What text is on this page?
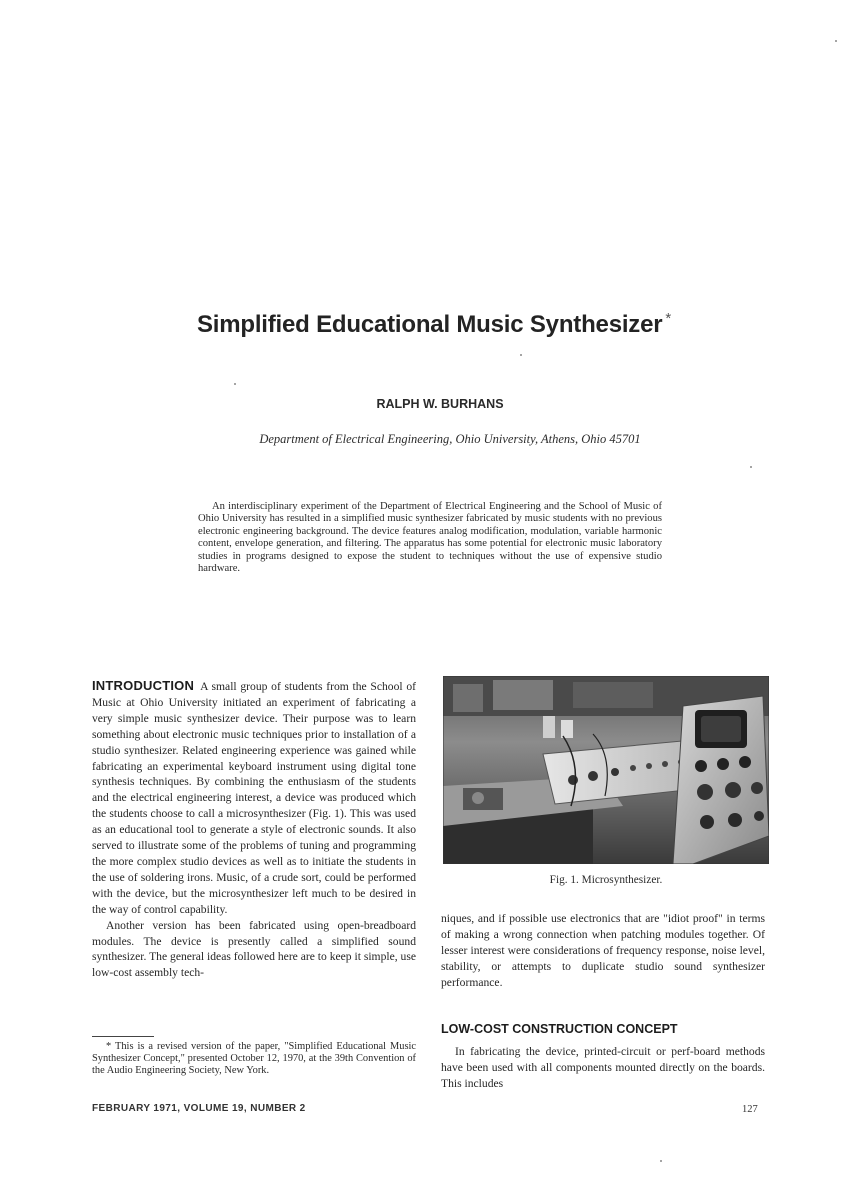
Simplified Educational Music Synthesizer *
RALPH W. BURHANS
Department of Electrical Engineering, Ohio University, Athens, Ohio 45701
An interdisciplinary experiment of the Department of Electrical Engineering and the School of Music of Ohio University has resulted in a simplified music synthesizer fabricated by music students with no previous electronic engineering background. The device features analog modification, modulation, variable harmonic content, envelope generation, and filtering. The apparatus has some potential for electronic music laboratory studies in programs designed to expose the student to techniques without the use of expensive studio hardware.

INTRODUCTION A small group of students from the School of Music at Ohio University initiated an experiment of fabricating a very simple music synthesizer device. Their purpose was to learn something about electronic music techniques prior to installation of a studio synthesizer. Related engineering experience was gained while fabricating an experimental keyboard instrument using digital tone synthesis techniques. By combining the enthusiasm of the students and the electrical engineering interest, a device was produced which the students choose to call a microsynthesizer (Fig. 1). This was used as an educational tool to generate a style of electronic sounds. It also served to illustrate some of the problems of tuning and programming the more complex studio devices as well as to initiate the students in the use of soldering irons. Music, of a crude sort, could be performed with the device, but the microsynthesizer left much to be desired in the way of control capability.

Another version has been fabricated using open-breadboard modules. The device is presently called a simplified sound synthesizer. The general ideas followed here are to keep it simple, use low-cost assembly tech-

* This is a revised version of the paper, "Simplified Educational Music Synthesizer Concept," presented October 12, 1970, at the 39th Convention of the Audio Engineering Society, New York.
Fig. 1. Microsynthesizer.

niques, and if possible use electronics that are "idiot proof" in terms of making a wrong connection when patching modules together. Of lesser interest were considerations of frequency response, noise level, stability, or attempts to duplicate studio sound synthesizer performance.

LOW-COST CONSTRUCTION CONCEPT
In fabricating the device, printed-circuit or perf-board methods have been used with all components mounted directly on the boards. This includes
FEBRUARY 1971, VOLUME 19, NUMBER 2	127
